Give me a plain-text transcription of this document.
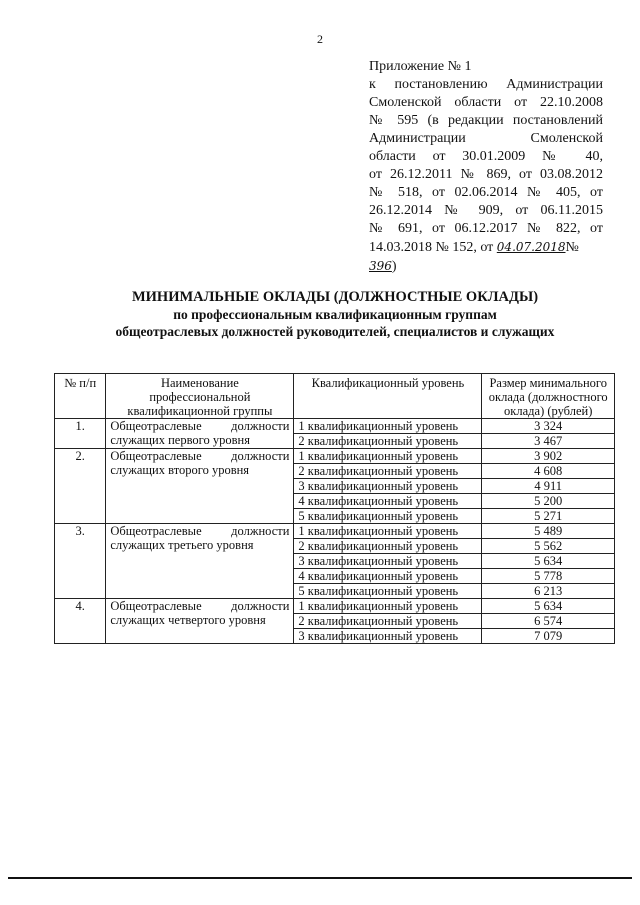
2
Приложение № 1
к постановлению Администрации
Смоленской области от 22.10.2008
№ 595 (в редакции постановлений
Администрации Смоленской
области от 30.01.2009 № 40,
от 26.12.2011 № 869, от 03.08.2012
№ 518, от 02.06.2014 № 405, от
26.12.2014 № 909, от 06.11.2015
№ 691, от 06.12.2017 № 822, от
14.03.2018 № 152, от 04.07.2018№ 396)
МИНИМАЛЬНЫЕ ОКЛАДЫ (ДОЛЖНОСТНЫЕ ОКЛАДЫ)
по профессиональным квалификационным группам
общеотраслевых должностей руководителей, специалистов и служащих
№ п/п	Наименование профессиональной квалификационной группы	Квалификационный уровень	Размер минимального оклада (должностного оклада) (рублей)
1.	Общеотраслевые должности служащих первого уровня	1 квалификационный уровень	3 324
		2 квалификационный уровень	3 467
2.	Общеотраслевые должности служащих второго уровня	1 квалификационный уровень	3 902
		2 квалификационный уровень	4 608
		3 квалификационный уровень	4 911
		4 квалификационный уровень	5 200
		5 квалификационный уровень	5 271
3.	Общеотраслевые должности служащих третьего уровня	1 квалификационный уровень	5 489
		2 квалификационный уровень	5 562
		3 квалификационный уровень	5 634
		4 квалификационный уровень	5 778
		5 квалификационный уровень	6 213
4.	Общеотраслевые должности служащих четвертого уровня	1 квалификационный уровень	5 634
		2 квалификационный уровень	6 574
		3 квалификационный уровень	7 079
